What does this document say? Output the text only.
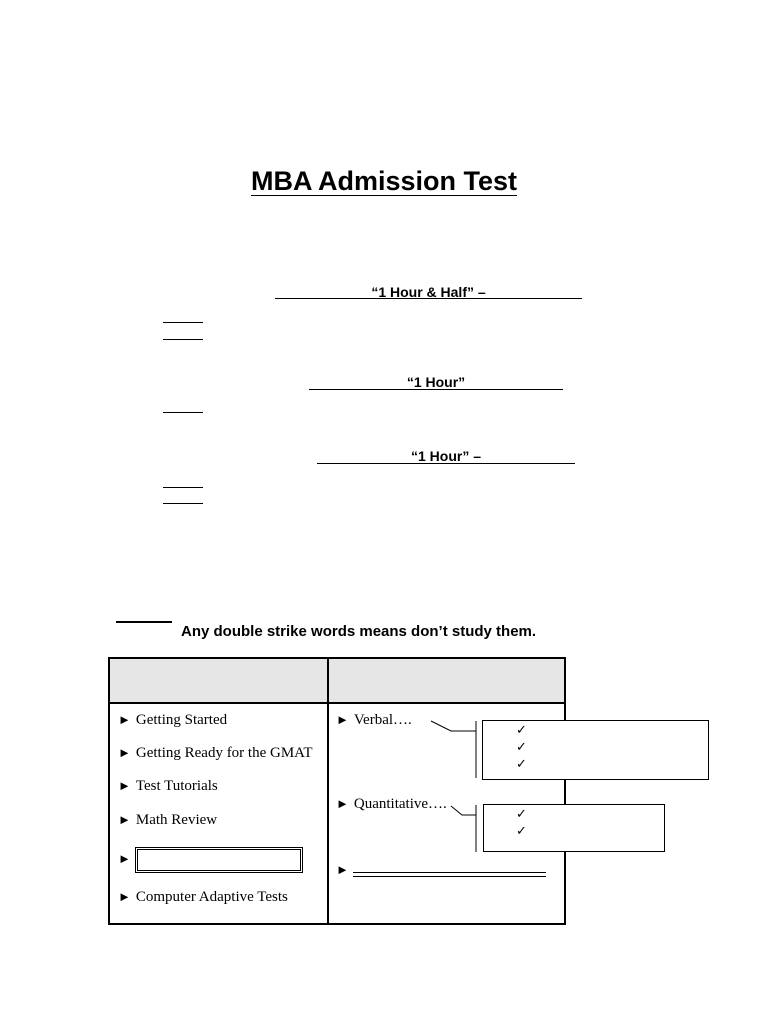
MBA Admission Test
“1 Hour & Half” –
“1 Hour”
“1 Hour” –
Any double strike words means don’t study them.
► Getting Started
► Getting Ready for the GMAT
► Test Tutorials
► Math Review
►
► Computer Adaptive Tests
► Verbal….
► Quantitative….
►
✓
✓
✓
✓
✓
